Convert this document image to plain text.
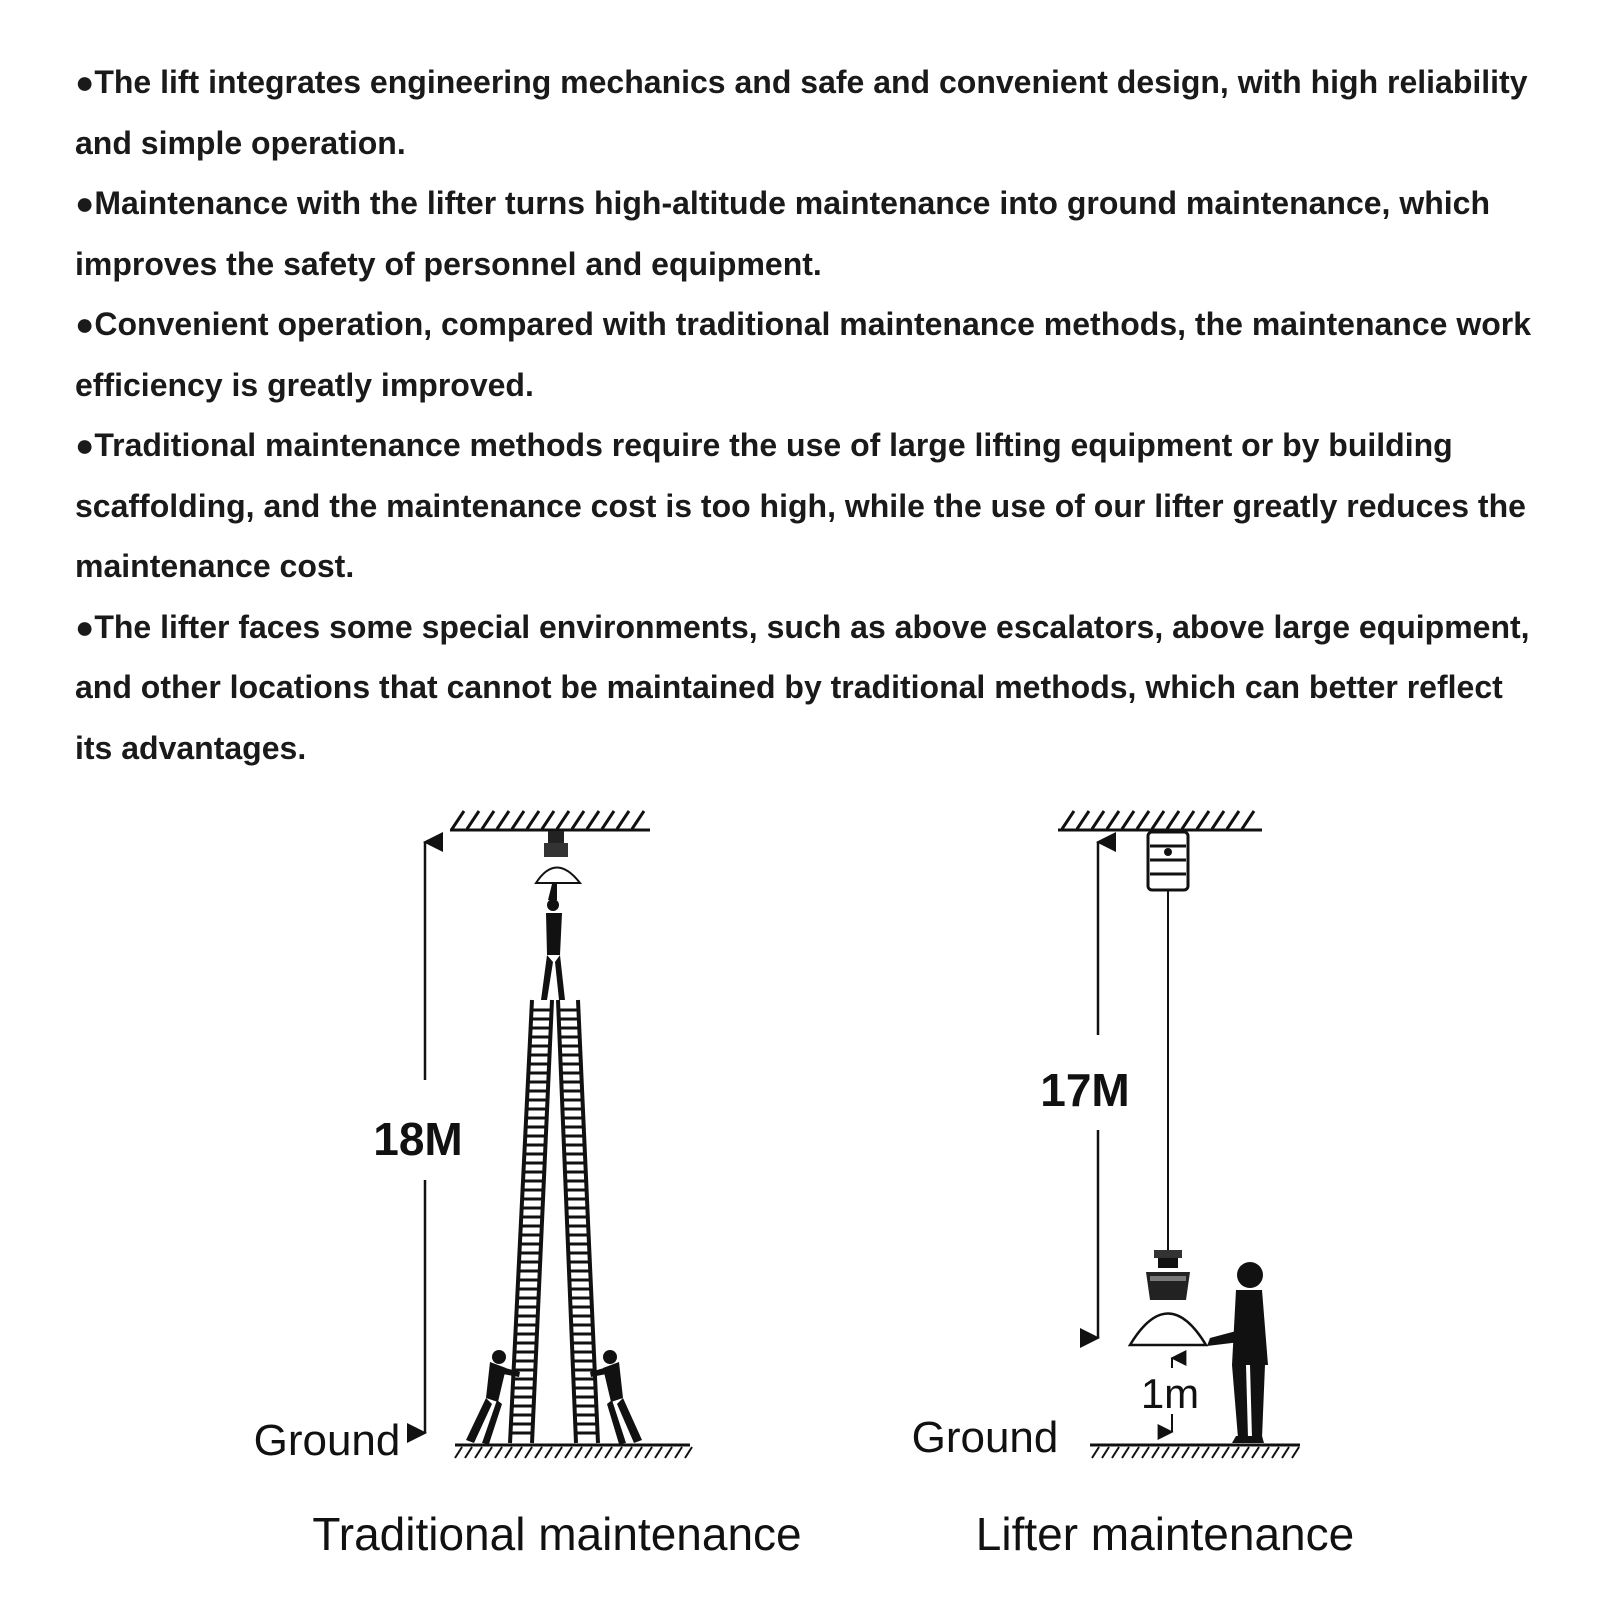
●The lift integrates engineering mechanics and safe and convenient design, with high reliability and simple operation.

●Maintenance with the lifter turns high-altitude maintenance into ground maintenance, which improves the safety of personnel and equipment.

●Convenient operation, compared with traditional maintenance methods, the maintenance work efficiency is greatly improved.

●Traditional maintenance methods require the use of large lifting equipment or by building scaffolding, and the maintenance cost is too high, while the use of our lifter greatly reduces the maintenance cost.

●The lifter faces some special environments, such as above escalators, above large equipment, and other locations that cannot be maintained by traditional methods, which can better reflect its advantages.

18M
Ground
Traditional maintenance
17M
1m
Ground
Lifter maintenance
